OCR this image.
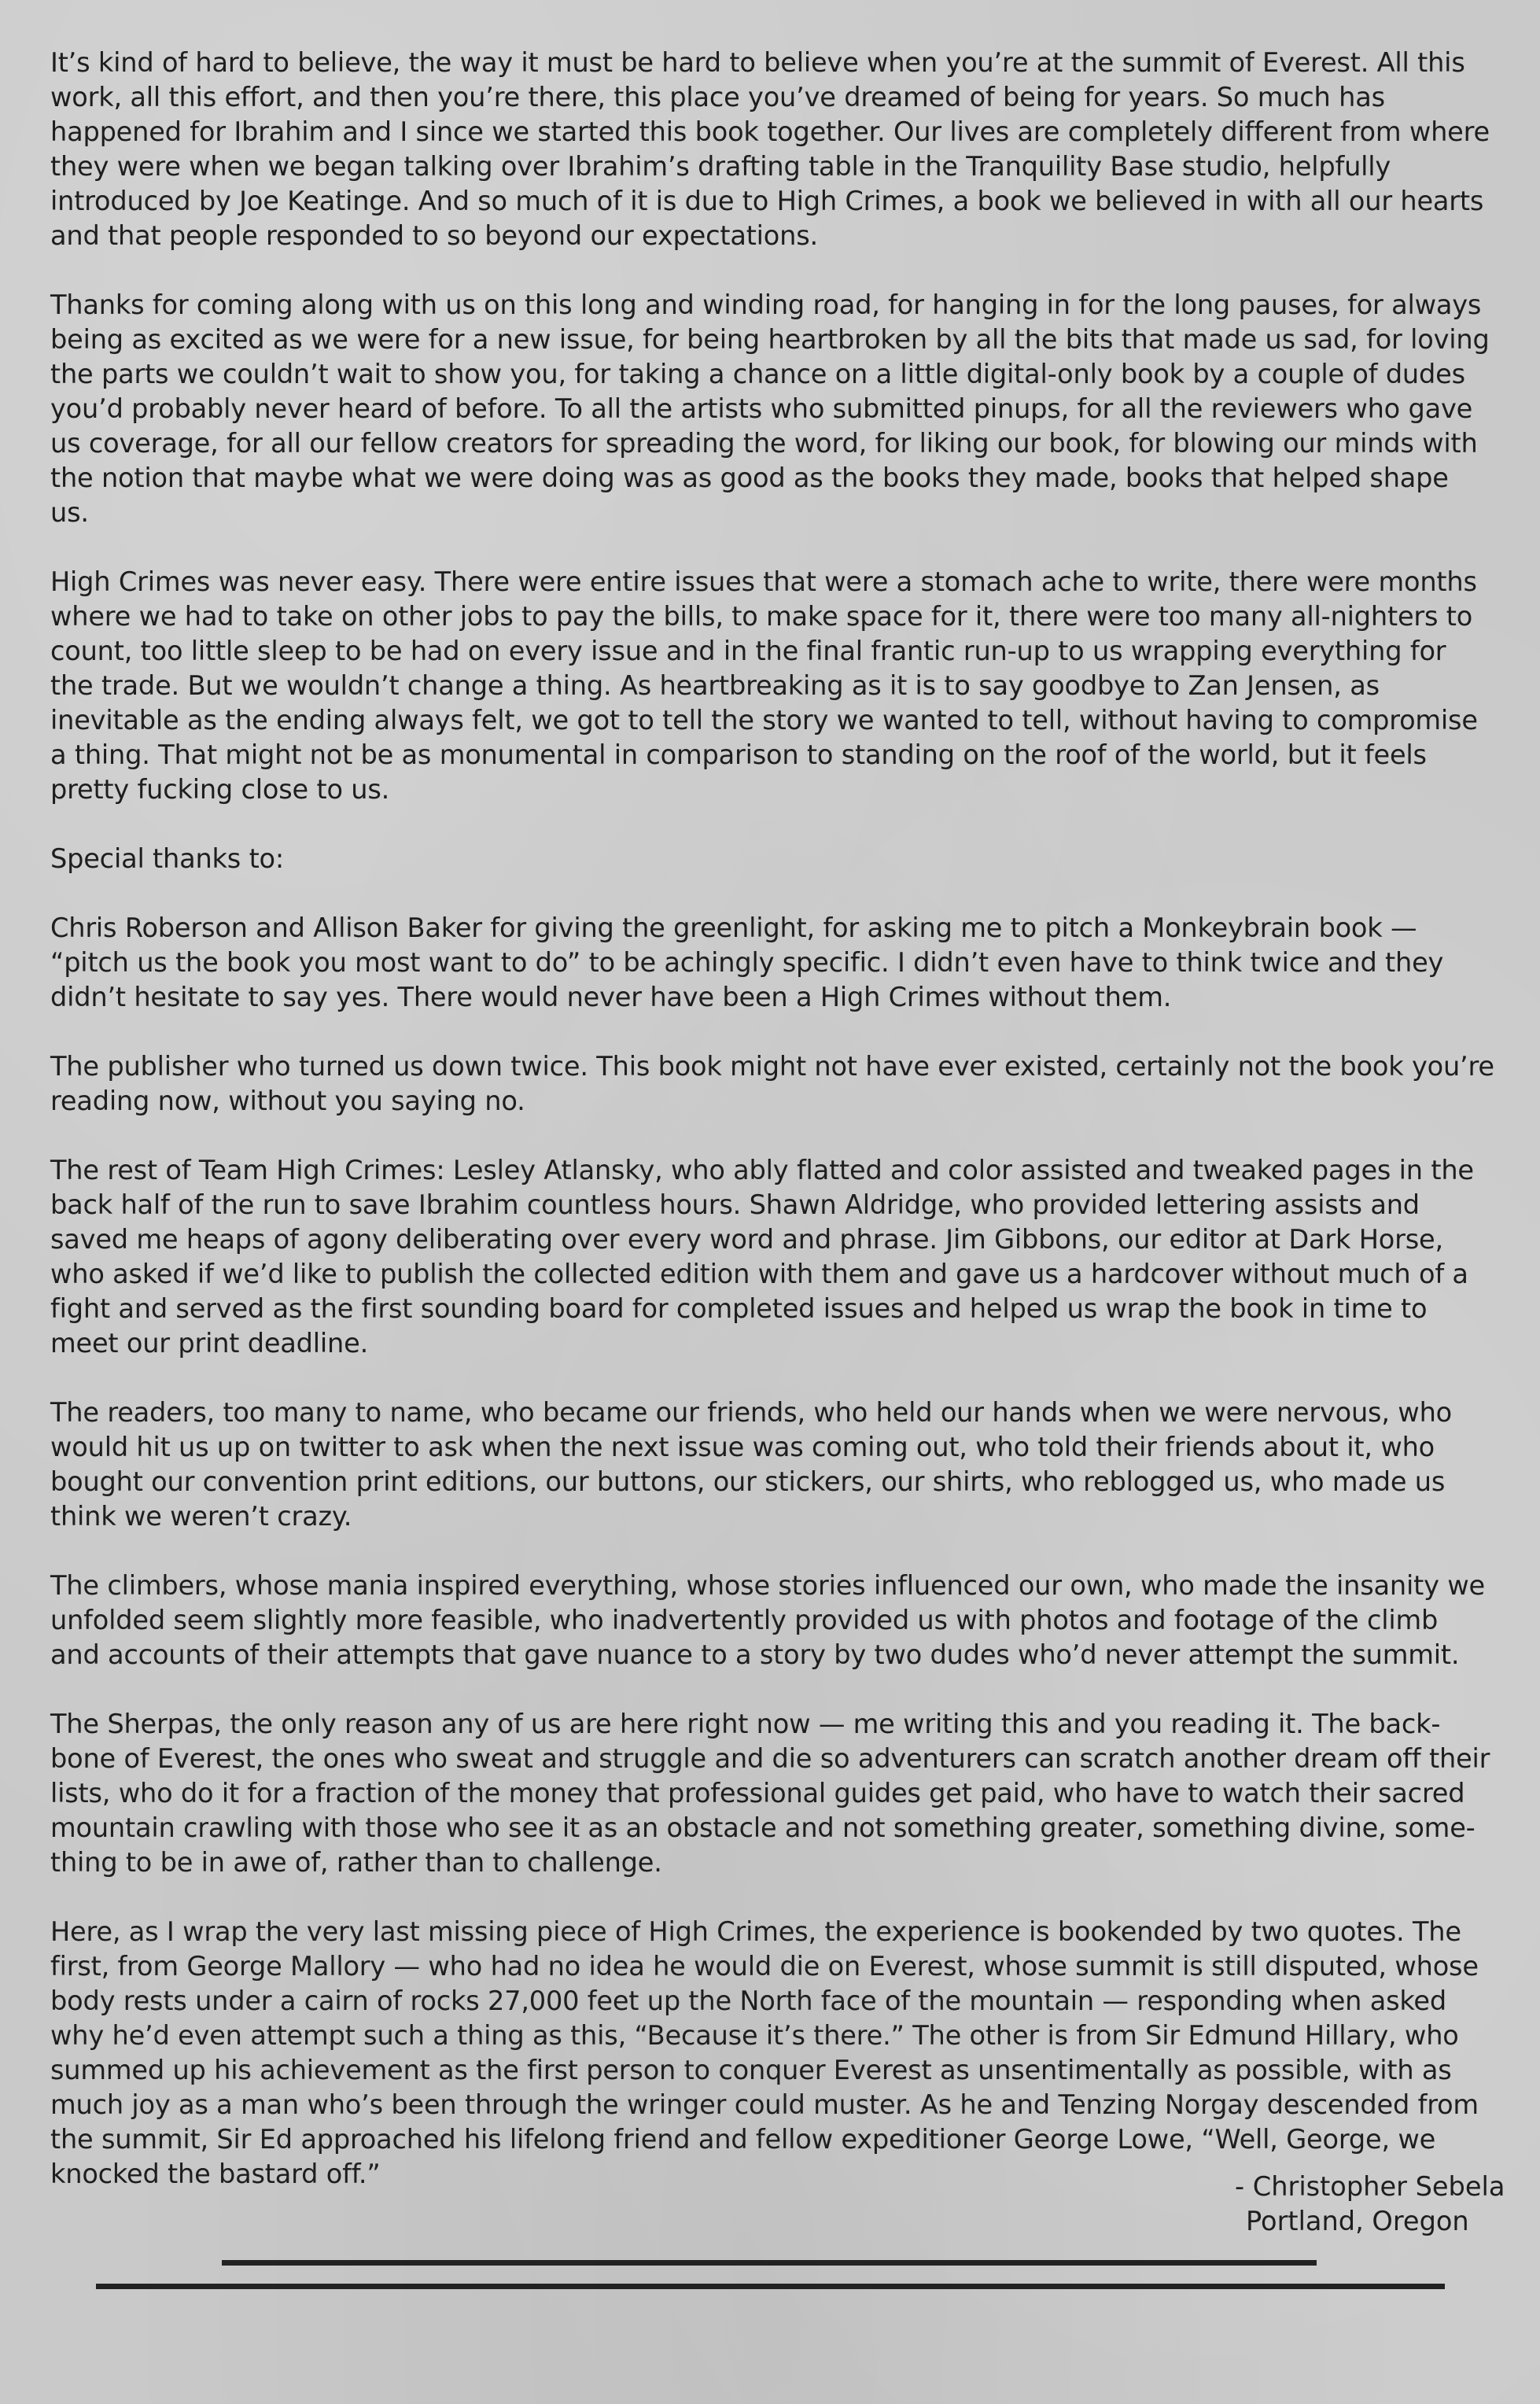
It’s kind of hard to believe, the way it must be hard to believe when you’re at the summit of Everest. All this work, all this effort, and then you’re there, this place you’ve dreamed of being for years. So much has happened for Ibrahim and I since we started this book together. Our lives are completely different from where they were when we began talking over Ibrahim’s drafting table in the Tranquility Base studio, helpfully introduced by Joe Keatinge. And so much of it is due to High Crimes, a book we believed in with all our hearts and that people responded to so beyond our expectations.

Thanks for coming along with us on this long and winding road, for hanging in for the long pauses, for always being as excited as we were for a new issue, for being heartbroken by all the bits that made us sad, for loving the parts we couldn’t wait to show you, for taking a chance on a little digital-only book by a couple of dudes you’d probably never heard of before. To all the artists who submitted pinups, for all the reviewers who gave us coverage, for all our fellow creators for spreading the word, for liking our book, for blowing our minds with the notion that maybe what we were doing was as good as the books they made, books that helped shape us.

High Crimes was never easy. There were entire issues that were a stomach ache to write, there were months where we had to take on other jobs to pay the bills, to make space for it, there were too many all-nighters to count, too little sleep to be had on every issue and in the final frantic run-up to us wrapping everything for the trade. But we wouldn’t change a thing. As heartbreaking as it is to say goodbye to Zan Jensen, as inevitable as the ending always felt, we got to tell the story we wanted to tell, without having to compromise a thing. That might not be as monumental in comparison to standing on the roof of the world, but it feels pretty fucking close to us.

Special thanks to:

Chris Roberson and Allison Baker for giving the greenlight, for asking me to pitch a Monkeybrain book — “pitch us the book you most want to do” to be achingly specific. I didn’t even have to think twice and they didn’t hesitate to say yes. There would never have been a High Crimes without them.

The publisher who turned us down twice. This book might not have ever existed, certainly not the book you’re reading now, without you saying no.

The rest of Team High Crimes: Lesley Atlansky, who ably flatted and color assisted and tweaked pages in the back half of the run to save Ibrahim countless hours. Shawn Aldridge, who provided lettering assists and saved me heaps of agony deliberating over every word and phrase. Jim Gibbons, our editor at Dark Horse, who asked if we’d like to publish the collected edition with them and gave us a hardcover without much of a fight and served as the first sounding board for completed issues and helped us wrap the book in time to meet our print deadline.

The readers, too many to name, who became our friends, who held our hands when we were nervous, who would hit us up on twitter to ask when the next issue was coming out, who told their friends about it, who bought our convention print editions, our buttons, our stickers, our shirts, who reblogged us, who made us think we weren’t crazy.

The climbers, whose mania inspired everything, whose stories influenced our own, who made the insanity we unfolded seem slightly more feasible, who inadvertently provided us with photos and footage of the climb and accounts of their attempts that gave nuance to a story by two dudes who’d never attempt the summit.

The Sherpas, the only reason any of us are here right now — me writing this and you reading it. The back-bone of Everest, the ones who sweat and struggle and die so adventurers can scratch another dream off their lists, who do it for a fraction of the money that professional guides get paid, who have to watch their sacred mountain crawling with those who see it as an obstacle and not something greater, something divine, some-thing to be in awe of, rather than to challenge.

Here, as I wrap the very last missing piece of High Crimes, the experience is bookended by two quotes. The first, from George Mallory — who had no idea he would die on Everest, whose summit is still disputed, whose body rests under a cairn of rocks 27,000 feet up the North face of the mountain — responding when asked why he’d even attempt such a thing as this, “Because it’s there.” The other is from Sir Edmund Hillary, who summed up his achievement as the first person to conquer Everest as unsentimentally as possible, with as much joy as a man who’s been through the wringer could muster. As he and Tenzing Norgay descended from the summit, Sir Ed approached his lifelong friend and fellow expeditioner George Lowe, “Well, George, we knocked the bastard off.”	- Christopher Sebela
Portland, Oregon
